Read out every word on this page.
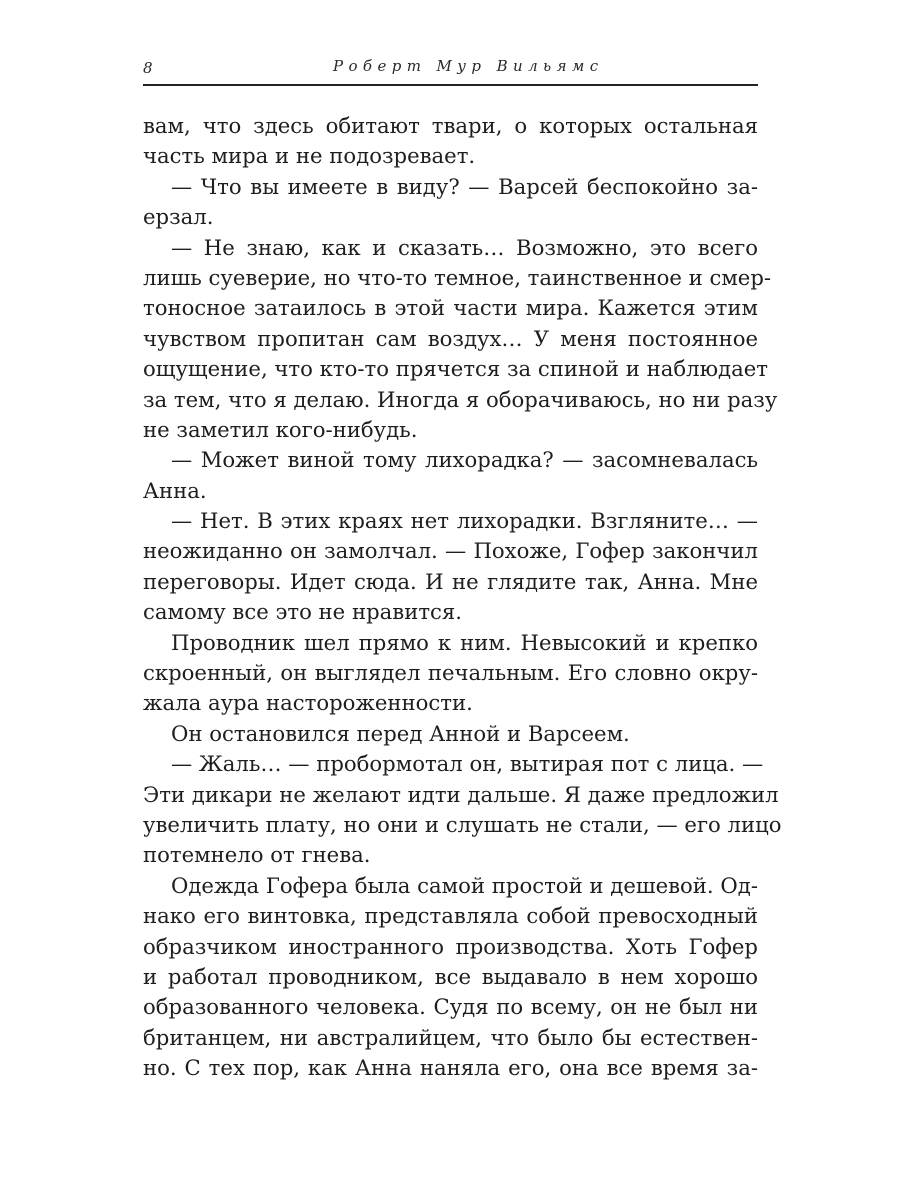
8	Роберт Мур Вильямс

вам, что здесь обитают твари, о которых остальная
часть мира и не подозревает.

— Что вы имеете в виду? — Варсей беспокойно за-
ерзал.

— Не знаю, как и сказать… Возможно, это всего
лишь суеверие, но что-то темное, таинственное и смер-
тоносное затаилось в этой части мира. Кажется этим
чувством пропитан сам воздух… У меня постоянное
ощущение, что кто-то прячется за спиной и наблюдает
за тем, что я делаю. Иногда я оборачиваюсь, но ни разу
не заметил кого-нибудь.

— Может виной тому лихорадка? — засомневалась
Анна.

— Нет. В этих краях нет лихорадки. Взгляните… —
неожиданно он замолчал. — Похоже, Гофер закончил
переговоры. Идет сюда. И не глядите так, Анна. Мне
самому все это не нравится.

Проводник шел прямо к ним. Невысокий и крепко
скроенный, он выглядел печальным. Его словно окру-
жала аура настороженности.

Он остановился перед Анной и Варсеем.

— Жаль… — пробормотал он, вытирая пот с лица. —
Эти дикари не желают идти дальше. Я даже предложил
увеличить плату, но они и слушать не стали, — его лицо
потемнело от гнева.

Одежда Гофера была самой простой и дешевой. Од-
нако его винтовка, представляла собой превосходный
образчиком иностранного производства. Хоть Гофер
и работал проводником, все выдавало в нем хорошо
образованного человека. Судя по всему, он не был ни
британцем, ни австралийцем, что было бы естествен-
но. С тех пор, как Анна наняла его, она все время за-
